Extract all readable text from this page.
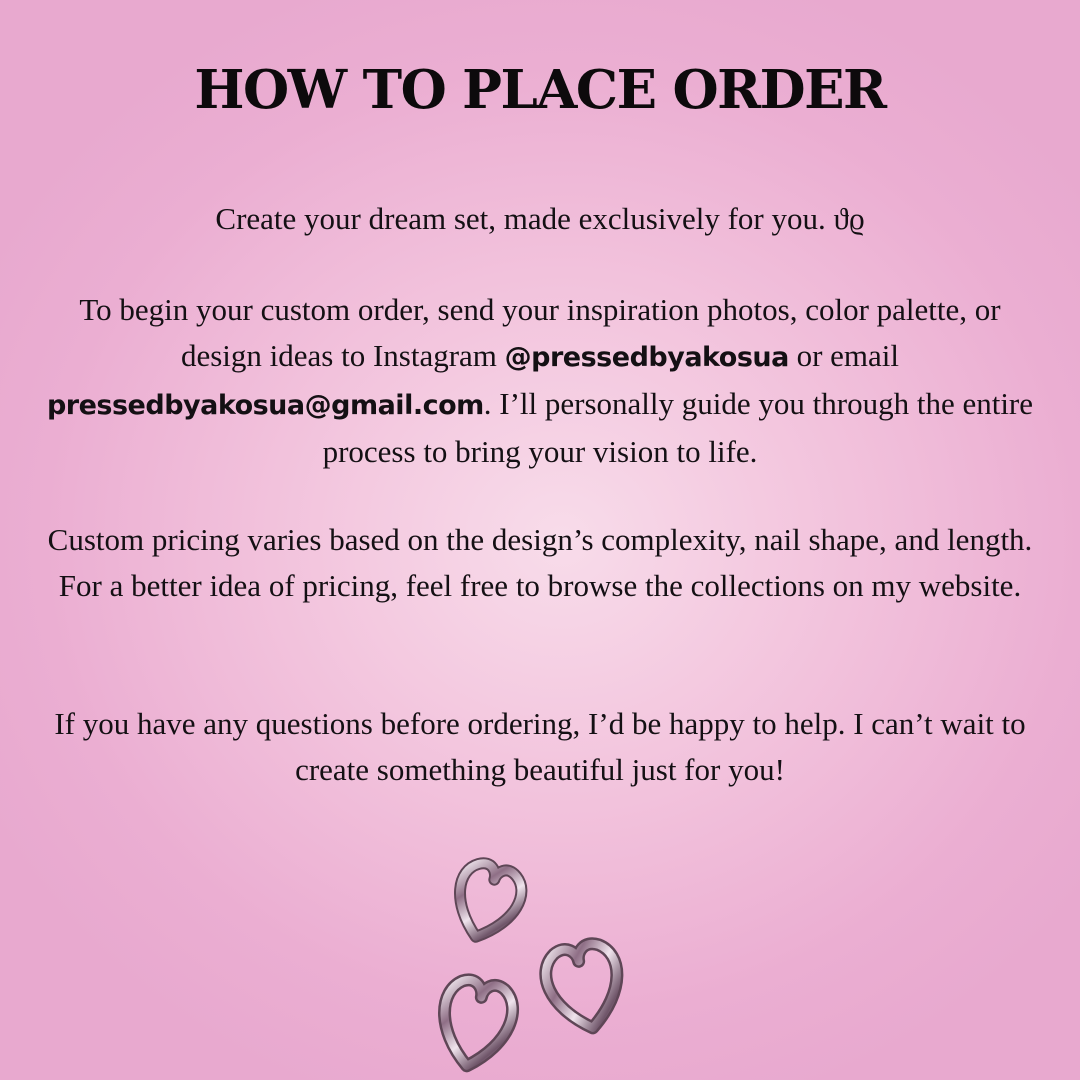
HOW TO PLACE ORDER

Create your dream set, made exclusively for you. ϑϱ

To begin your custom order, send your inspiration photos, color palette, or design ideas to Instagram @pressedbyakosua or email pressedbyakosua@gmail.com. I’ll personally guide you through the entire process to bring your vision to life.

Custom pricing varies based on the design’s complexity, nail shape, and length. For a better idea of pricing, feel free to browse the collections on my website.

If you have any questions before ordering, I’d be happy to help. I can’t wait to create something beautiful just for you!
